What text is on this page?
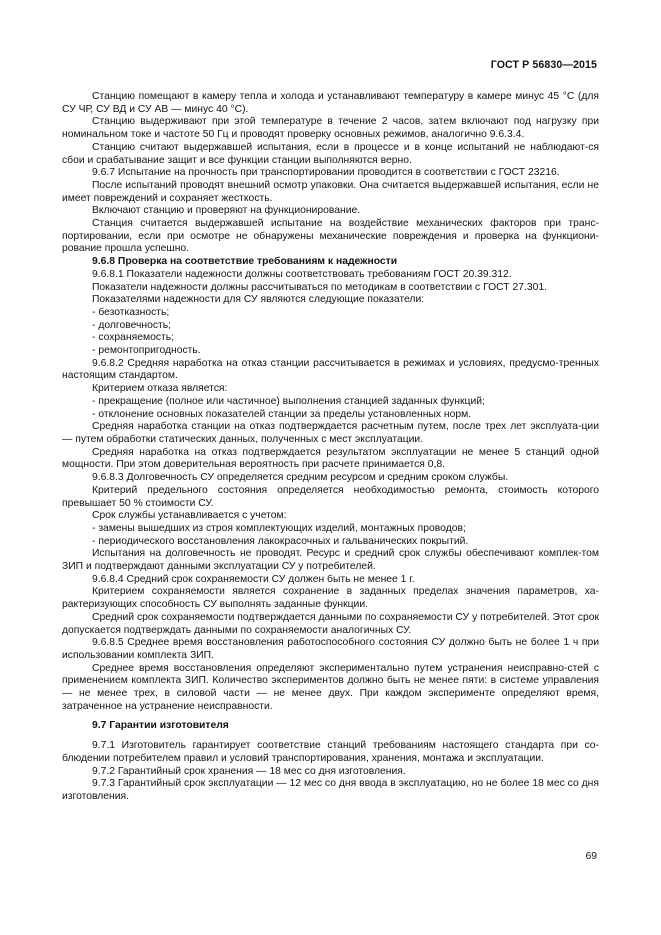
ГОСТ Р 56830—2015

Станцию помещают в камеру тепла и холода и устанавливают температуру в камере минус 45 °С (для СУ ЧР, СУ ВД и СУ АВ — минус 40 °С).

Станцию выдерживают при этой температуре в течение 2 часов, затем включают под нагрузку при номинальном токе и частоте 50 Гц и проводят проверку основных режимов, аналогично 9.6.3.4.

Станцию считают выдержавшей испытания, если в процессе и в конце испытаний не наблюдают-ся сбои и срабатывание защит и все функции станции выполняются верно.

9.6.7 Испытание на прочность при транспортировании проводится в соответствии с ГОСТ 23216.

После испытаний проводят внешний осмотр упаковки. Она считается выдержавшей испытания, если не имеет повреждений и сохраняет жесткость.

Включают станцию и проверяют на функционирование.

Станция считается выдержавшей испытание на воздействие механических факторов при транс-портировании, если при осмотре не обнаружены механические повреждения и проверка на функциони-рование прошла успешно.

9.6.8 Проверка на соответствие требованиям к надежности

9.6.8.1 Показатели надежности должны соответствовать требованиям ГОСТ 20.39.312.

Показатели надежности должны рассчитываться по методикам в соответствии с ГОСТ 27.301.

Показателями надежности для СУ являются следующие показатели:

- безотказность;

- долговечность;

- сохраняемость;

- ремонтопригодность.

9.6.8.2 Средняя наработка на отказ станции рассчитывается в режимах и условиях, предусмо-тренных настоящим стандартом.

Критерием отказа является:

- прекращение (полное или частичное) выполнения станцией заданных функций;

- отклонение основных показателей станции за пределы установленных норм.

Средняя наработка станции на отказ подтверждается расчетным путем, после трех лет эксплуата-ции — путем обработки статических данных, полученных с мест эксплуатации.

Средняя наработка на отказ подтверждается результатом эксплуатации не менее 5 станций одной мощности. При этом доверительная вероятность при расчете принимается 0,8.

9.6.8.3 Долговечность СУ определяется средним ресурсом и средним сроком службы.

Критерий предельного состояния определяется необходимостью ремонта, стоимость которого превышает 50 % стоимости СУ.

Срок службы устанавливается с учетом:

- замены вышедших из строя комплектующих изделий, монтажных проводов;

- периодического восстановления лакокрасочных и гальванических покрытий.

Испытания на долговечность не проводят. Ресурс и средний срок службы обеспечивают комплек-том ЗИП и подтверждают данными эксплуатации СУ у потребителей.

9.6.8.4 Средний срок сохраняемости СУ должен быть не менее 1 г.

Критерием сохраняемости является сохранение в заданных пределах значения параметров, ха-рактеризующих способность СУ выполнять заданные функции.

Средний срок сохраняемости подтверждается данными по сохраняемости СУ у потребителей. Этот срок допускается подтверждать данными по сохраняемости аналогичных СУ.

9.6.8.5 Среднее время восстановления работоспособного состояния СУ должно быть не более 1 ч при использовании комплекта ЗИП.

Среднее время восстановления определяют экспериментально путем устранения неисправно-стей с применением комплекта ЗИП. Количество экспериментов должно быть не менее пяти: в системе управления — не менее трех, в силовой части — не менее двух. При каждом эксперименте определяют время, затраченное на устранение неисправности.

9.7 Гарантии изготовителя

9.7.1 Изготовитель гарантирует соответствие станций требованиям настоящего стандарта при со-блюдении потребителем правил и условий транспортирования, хранения, монтажа и эксплуатации.

9.7.2 Гарантийный срок хранения — 18 мес со дня изготовления.

9.7.3 Гарантийный срок эксплуатации — 12 мес со дня ввода в эксплуатацию, но не более 18 мес со дня изготовления.

69
